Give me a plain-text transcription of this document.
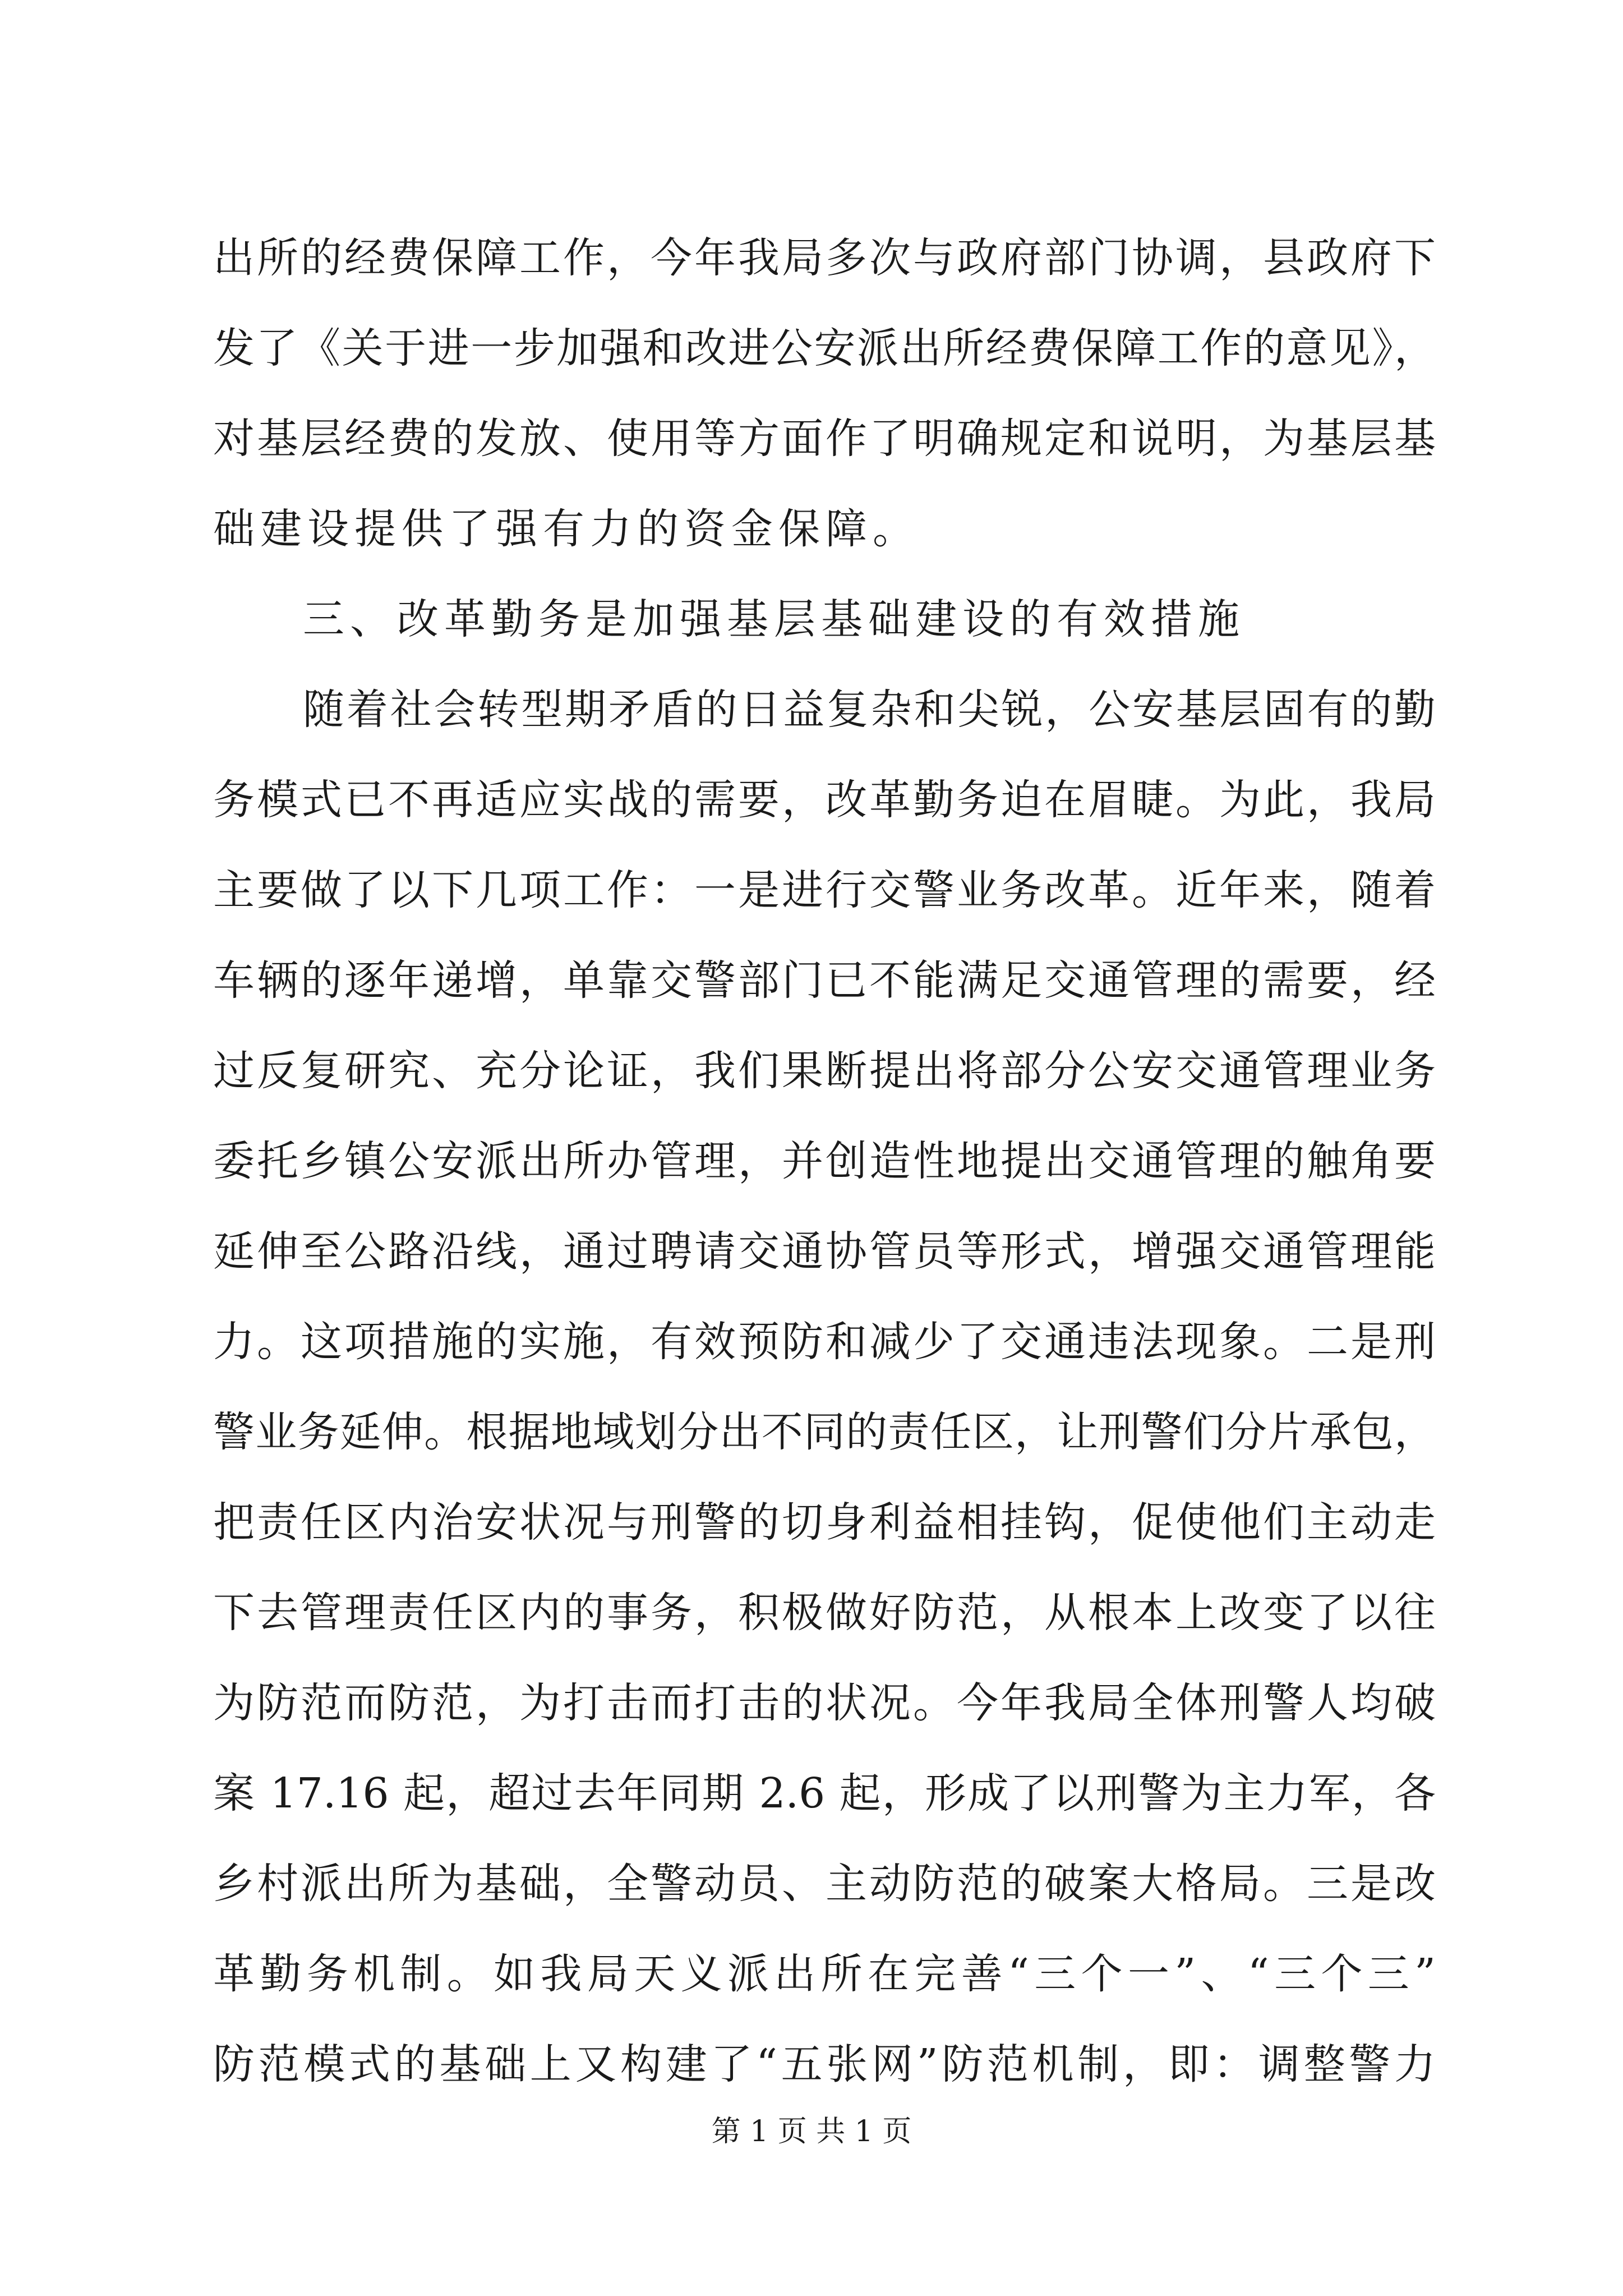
出所的经费保障工作，今年我局多次与政府部门协调，县政府下
发了《关于进一步加强和改进公安派出所经费保障工作的意见》，
对基层经费的发放、使用等方面作了明确规定和说明，为基层基
础建设提供了强有力的资金保障。
三、改革勤务是加强基层基础建设的有效措施
随着社会转型期矛盾的日益复杂和尖锐，公安基层固有的勤
务模式已不再适应实战的需要，改革勤务迫在眉睫。为此，我局
主要做了以下几项工作：一是进行交警业务改革。近年来，随着
车辆的逐年递增，单靠交警部门已不能满足交通管理的需要，经
过反复研究、充分论证，我们果断提出将部分公安交通管理业务
委托乡镇公安派出所办管理，并创造性地提出交通管理的触角要
延伸至公路沿线，通过聘请交通协管员等形式，增强交通管理能
力。这项措施的实施，有效预防和减少了交通违法现象。二是刑
警业务延伸。根据地域划分出不同的责任区，让刑警们分片承包，
把责任区内治安状况与刑警的切身利益相挂钩，促使他们主动走
下去管理责任区内的事务，积极做好防范，从根本上改变了以往
为防范而防范，为打击而打击的状况。今年我局全体刑警人均破
案 17.16 起，超过去年同期 2.6 起，形成了以刑警为主力军，各
乡村派出所为基础，全警动员、主动防范的破案大格局。三是改
革勤务机制。如我局天义派出所在完善“三个一”、“三个三”
防范模式的基础上又构建了“五张网”防范机制，即：调整警力
第 1 页 共 1 页
